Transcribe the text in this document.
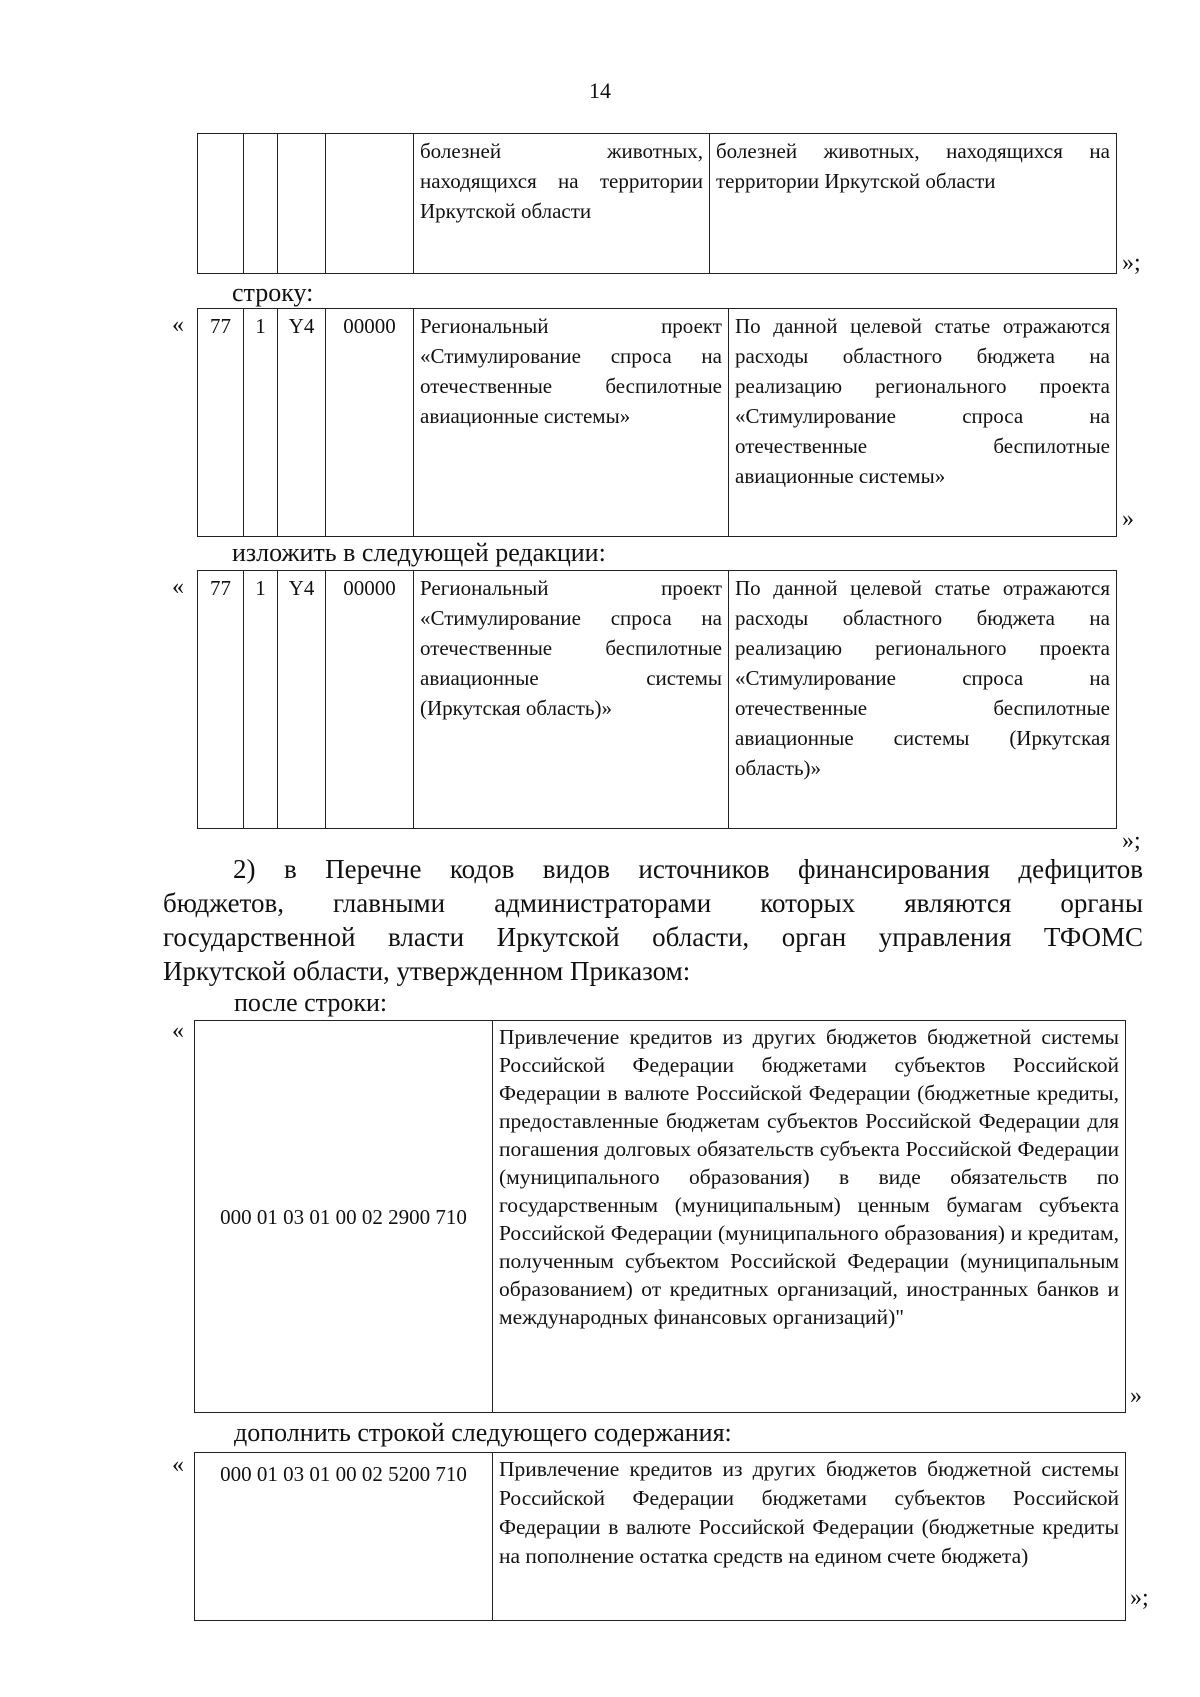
14
				болезней животных, находящихся на территории Иркутской области	болезней животных, находящихся на территории Иркутской области
»;
строку:
« 77	1	Y4	00000	Региональный проект «Стимулирование спроса на отечественные беспилотные авиационные системы»	По данной целевой статье отражаются расходы областного бюджета на реализацию регионального проекта «Стимулирование спроса на отечественные беспилотные авиационные системы»
»
изложить в следующей редакции:
« 77	1	Y4	00000	Региональный проект «Стимулирование спроса на отечественные беспилотные авиационные системы (Иркутская область)»	По данной целевой статье отражаются расходы областного бюджета на реализацию регионального проекта «Стимулирование спроса на отечественные беспилотные авиационные системы (Иркутская область)»
»;
2) в Перечне кодов видов источников финансирования дефицитов
бюджетов, главными администраторами которых являются органы
государственной власти Иркутской области, орган управления ТФОМС
Иркутской области, утвержденном Приказом:
после строки:
«
000 01 03 01 00 02 2900 710	Привлечение кредитов из других бюджетов бюджетной системы Российской Федерации бюджетами субъектов Российской Федерации в валюте Российской Федерации (бюджетные кредиты, предоставленные бюджетам субъектов Российской Федерации для погашения долговых обязательств субъекта Российской Федерации (муниципального образования) в виде обязательств по государственным (муниципальным) ценным бумагам субъекта Российской Федерации (муниципального образования) и кредитам, полученным субъектом Российской Федерации (муниципальным образованием) от кредитных организаций, иностранных банков и международных финансовых организаций)"
»
дополнить строкой следующего содержания:
« 000 01 03 01 00 02 5200 710	Привлечение кредитов из других бюджетов бюджетной системы Российской Федерации бюджетами субъектов Российской Федерации в валюте Российской Федерации (бюджетные кредиты на пополнение остатка средств на едином счете бюджета)
»;
